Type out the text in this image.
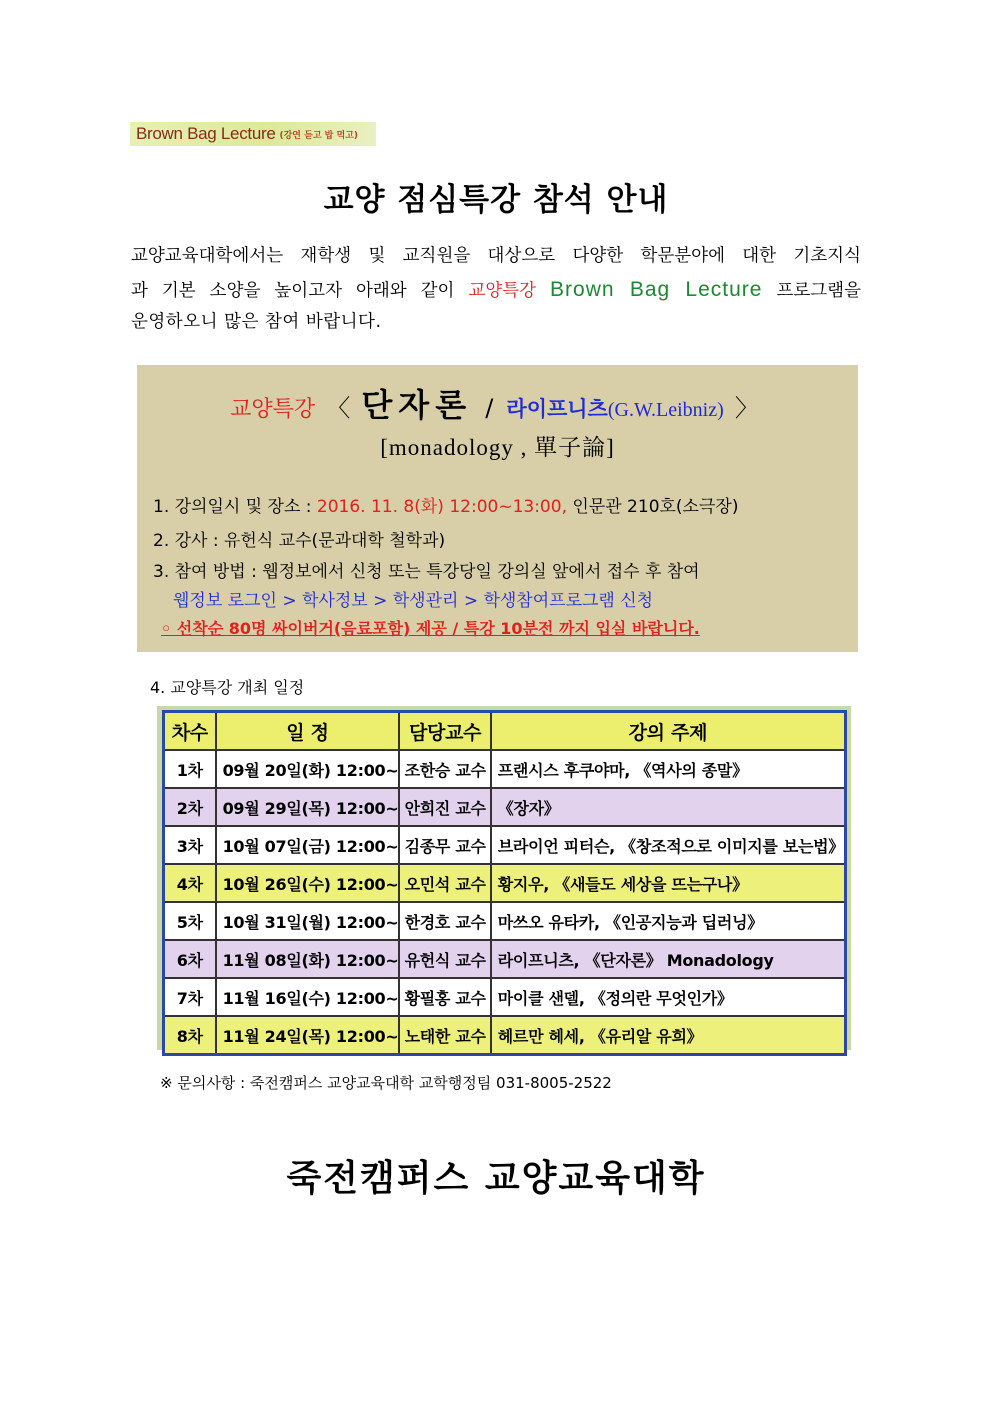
Brown Bag Lecture (강연 듣고 밥 먹고)
교양 점심특강 참석 안내
교양교육대학에서는 재학생 및 교직원을 대상으로 다양한 학문분야에 대한 기초지식
과 기본 소양을 높이고자 아래와 같이 교양특강 Brown Bag Lecture 프로그램을
운영하오니 많은 참여 바랍니다.
교양특강 〈 단자론 / 라이프니츠(G.W.Leibniz) 〉
[monadology , 單子論]
1. 강의일시 및 장소 : 2016. 11. 8(화) 12:00~13:00, 인문관 210호(소극장)
2. 강사 : 유헌식 교수(문과대학 철학과)
3. 참여 방법 : 웹정보에서 신청 또는 특강당일 강의실 앞에서 접수 후 참여
웹정보 로그인 > 학사정보 > 학생관리 > 학생참여프로그램 신청
◦ 선착순 80명 싸이버거(음료포함) 제공 / 특강 10분전 까지 입실 바랍니다.
4. 교양특강 개최 일정
차수	일 정	담당교수	강의 주제
1차	09월 20일(화) 12:00~	조한승 교수	프랜시스 후쿠야마, 《역사의 종말》
2차	09월 29일(목) 12:00~	안희진 교수	《장자》
3차	10월 07일(금) 12:00~	김종무 교수	브라이언 피터슨, 《창조적으로 이미지를 보는법》
4차	10월 26일(수) 12:00~	오민석 교수	황지우, 《새들도 세상을 뜨는구나》
5차	10월 31일(월) 12:00~	한경호 교수	마쓰오 유타카, 《인공지능과 딥러닝》
6차	11월 08일(화) 12:00~	유헌식 교수	라이프니츠, 《단자론》 Monadology
7차	11월 16일(수) 12:00~	황필홍 교수	마이클 샌델, 《정의란 무엇인가》
8차	11월 24일(목) 12:00~	노태한 교수	헤르만 헤세, 《유리알 유희》
※ 문의사항 : 죽전캠퍼스 교양교육대학 교학행정팀 031-8005-2522
죽전캠퍼스 교양교육대학
